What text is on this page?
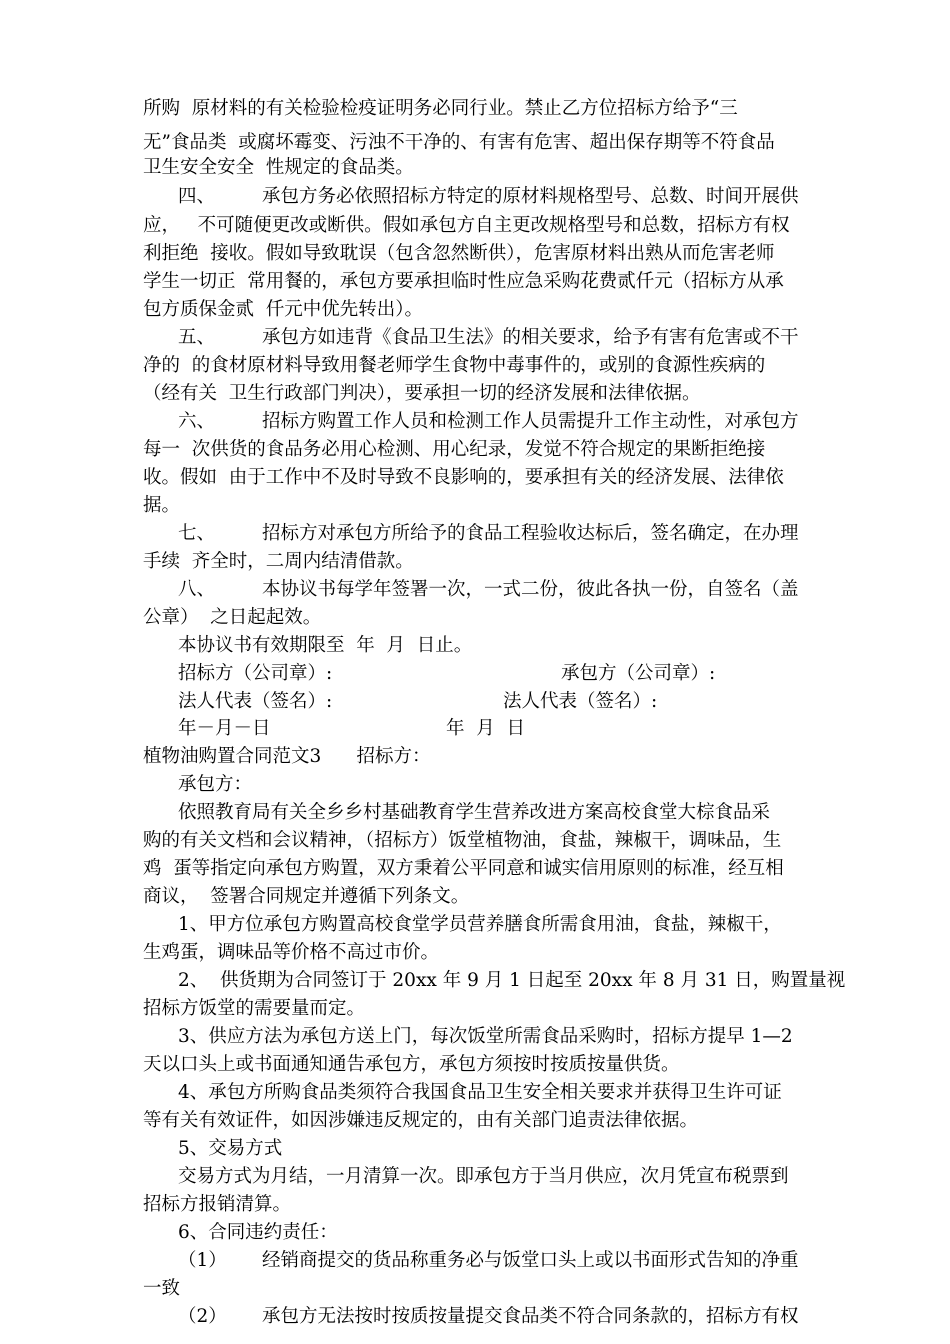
所购  原材料的有关检验检疫证明务必同行业。禁止乙方位招标方给予“三
无”食品类  或腐坏霉变、污浊不干净的、有害有危害、超出保存期等不符食品
卫生安全安全  性规定的食品类。
四、        承包方务必依照招标方特定的原材料规格型号、总数、时间开展供
应，   不可随便更改或断供。假如承包方自主更改规格型号和总数，招标方有权
利拒绝  接收。假如导致耽误（包含忽然断供），危害原材料出熟从而危害老师
学生一切正  常用餐的，承包方要承担临时性应急采购花费贰仟元（招标方从承
包方质保金贰  仟元中优先转出）。
五、        承包方如违背《食品卫生法》的相关要求，给予有害有危害或不干
净的  的食材原材料导致用餐老师学生食物中毒事件的，或别的食源性疾病的
（经有关  卫生行政部门判决），要承担一切的经济发展和法律依据。
六、        招标方购置工作人员和检测工作人员需提升工作主动性，对承包方
每一  次供货的食品务必用心检测、用心纪录，发觉不符合规定的果断拒绝接
收。假如  由于工作中不及时导致不良影响的，要承担有关的经济发展、法律依
据。
七、        招标方对承包方所给予的食品工程验收达标后，签名确定，在办理
手续  齐全时，二周内结清借款。
八、        本协议书每学年签署一次，一式二份，彼此各执一份，自签名（盖
公章）  之日起起效。
本协议书有效期限至  年  月  日止。
招标方（公司章）:	承包方（公司章）:
法人代表（签名）:	法人代表（签名）:
年－月－日	年  月  日
植物油购置合同范文3      招标方：
承包方：
依照教育局有关全乡乡村基础教育学生营养改进方案高校食堂大棕食品采
购的有关文档和会议精神，（招标方）饭堂植物油，食盐，辣椒干，调味品，生
鸡  蛋等指定向承包方购置，双方秉着公平同意和诚实信用原则的标准，经互相
商议，  签署合同规定并遵循下列条文。
1、甲方位承包方购置高校食堂学员营养膳食所需食用油，食盐，辣椒干，
生鸡蛋，调味品等价格不高过市价。
2、  供货期为合同签订于 20xx 年 9 月 1 日起至 20xx 年 8 月 31 日，购置量视
招标方饭堂的需要量而定。
3、供应方法为承包方送上门，每次饭堂所需食品采购时，招标方提早 1—2
天以口头上或书面通知通告承包方，承包方须按时按质按量供货。
4、承包方所购食品类须符合我国食品卫生安全相关要求并获得卫生许可证
等有关有效证件，如因涉嫌违反规定的，由有关部门追责法律依据。
5、交易方式
交易方式为月结，一月清算一次。即承包方于当月供应，次月凭宣布税票到
招标方报销清算。
6、合同违约责任：
（1）      经销商提交的货品称重务必与饭堂口头上或以书面形式告知的净重
一致
（2）      承包方无法按时按质按量提交食品类不符合同条款的，招标方有权
